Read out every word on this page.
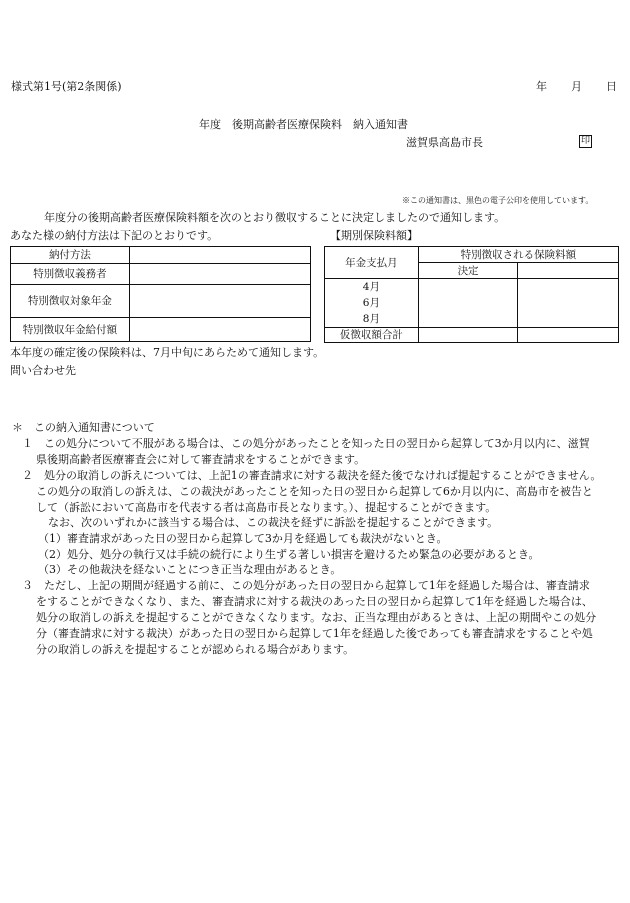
様式第1号(第2条関係)	年 月 日
年度　後期高齢者医療保険料　納入通知書
滋賀県高島市長	印
※この通知書は、黒色の電子公印を使用しています。
年度分の後期高齢者医療保険料額を次のとおり徴収することに決定しましたので通知します。
あなた様の納付方法は下記のとおりです。	【期別保険料額】
納付方法	
特別徴収義務者	
特別徴収対象年金	
特別徴収年金給付額	
年金支払月	特別徴収される保険料額	
	決定	

4月
6月
8月		

仮徴収額合計		
本年度の確定後の保険料は、7月中旬にあらためて通知します。
問い合わせ先
＊　この納入通知書について
１　この処分について不服がある場合は、この処分があったことを知った日の翌日から起算して3か月以内に、滋賀
県後期高齢者医療審査会に対して審査請求をすることができます。
２　処分の取消しの訴えについては、上記1の審査請求に対する裁決を経た後でなければ提起することができません。
この処分の取消しの訴えは、この裁決があったことを知った日の翌日から起算して6か月以内に、高島市を被告と
して（訴訟において高島市を代表する者は高島市長となります。）、提起することができます。
なお、次のいずれかに該当する場合は、この裁決を経ずに訴訟を提起することができます。
（1）審査請求があった日の翌日から起算して3か月を経過しても裁決がないとき。
（2）処分、処分の執行又は手続の続行により生ずる著しい損害を避けるため緊急の必要があるとき。
（3）その他裁決を経ないことにつき正当な理由があるとき。
３　ただし、上記の期間が経過する前に、この処分があった日の翌日から起算して1年を経過した場合は、審査請求
をすることができなくなり、また、審査請求に対する裁決のあった日の翌日から起算して1年を経過した場合は、
処分の取消しの訴えを提起することができなくなります。なお、正当な理由があるときは、上記の期間やこの処分
分（審査請求に対する裁決）があった日の翌日から起算して1年を経過した後であっても審査請求をすることや処
分の取消しの訴えを提起することが認められる場合があります。
